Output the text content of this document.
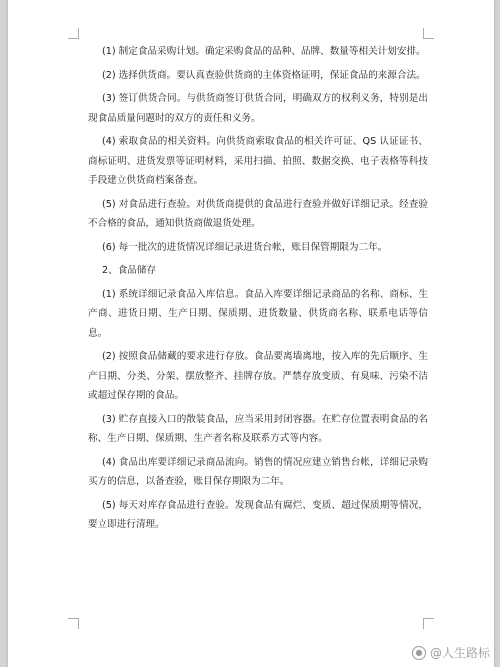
(1) 制定食品采购计划。确定采购食品的品种、品牌、数量等相关计划安排。

(2) 选择供货商。要认真查验供货商的主体资格证明，保证食品的来源合法。

(3) 签订供货合同。与供货商签订供货合同，明确双方的权利义务，特别是出现食品质量问题时的双方的责任和义务。

(4) 索取食品的相关资料。向供货商索取食品的相关许可证、QS 认证证书、商标证明、进货发票等证明材料，采用扫描、拍照、数据交换、电子表格等科技手段建立供货商档案备查。

(5) 对食品进行查验。对供货商提供的食品进行查验并做好详细记录。经查验不合格的食品，通知供货商做退货处理。

(6) 每一批次的进货情况详细记录进货台帐，账目保管期限为二年。

2、食品储存

(1) 系统详细记录食品入库信息。食品入库要详细记录商品的名称、商标、生产商、进货日期、生产日期、保质期、进货数量、供货商名称、联系电话等信息。

(2) 按照食品储藏的要求进行存放。食品要离墙离地，按入库的先后顺序、生产日期、分类、分架、摆放整齐、挂牌存放。严禁存放变质、有臭味、污染不洁或超过保存期的食品。

(3) 贮存直接入口的散装食品，应当采用封闭容器。在贮存位置表明食品的名称、生产日期、保质期、生产者名称及联系方式等内容。

(4) 食品出库要详细记录商品流向。销售的情况应建立销售台帐，详细记录购买方的信息，以备查验，账目保存期限为二年。

(5) 每天对库存食品进行查验。发现食品有腐烂、变质、超过保质期等情况，要立即进行清理。

● @人生路标
